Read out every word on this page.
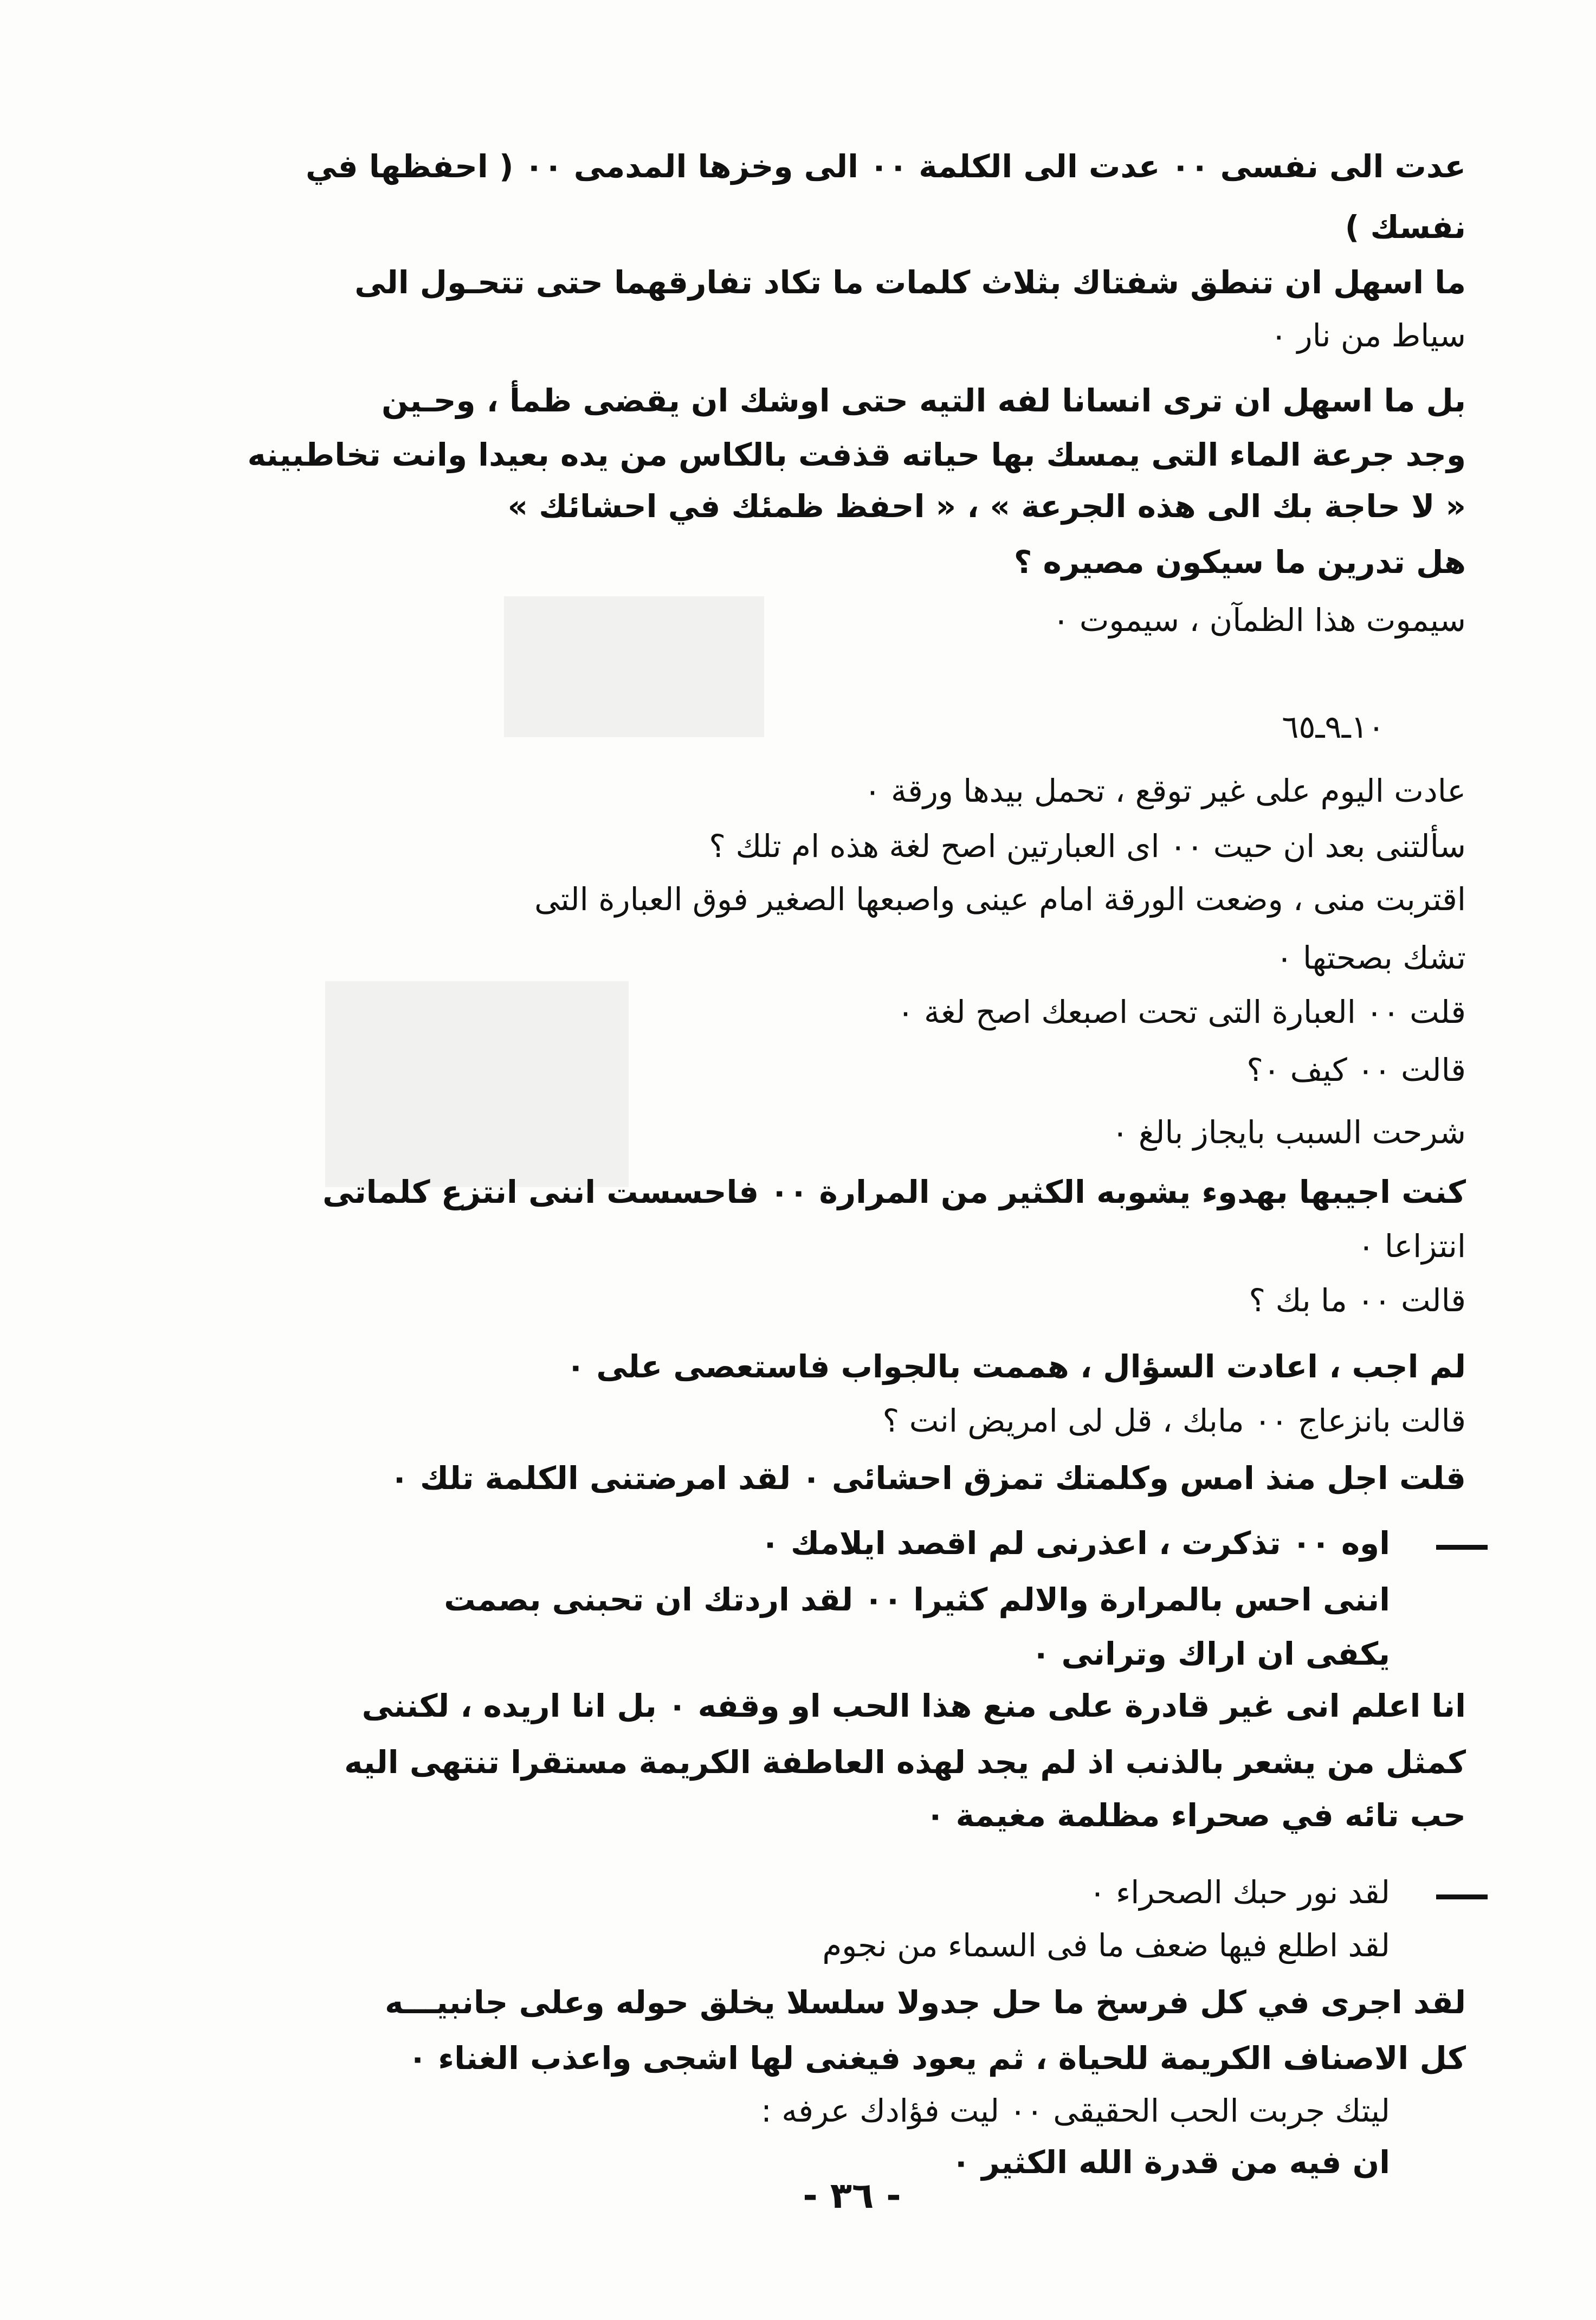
عدت الى نفسى ٠٠ عدت الى الكلمة ٠٠ الى وخزها المدمى ٠٠ ( احفظها في
نفسك )
ما اسهل ان تنطق شفتاك بثلاث كلمات ما تكاد تفارقهما حتى تتحـول الى
سياط من نار ٠
بل ما اسهل ان ترى انسانا لفه التيه حتى اوشك ان يقضى ظمأ ، وحـين
وجد جرعة الماء التى يمسك بها حياته قذفت بالكاس من يده بعيدا وانت تخاطبينه
« لا حاجة بك الى هذه الجرعة » ، « احفظ ظمئك في احشائك »
هل تدرين ما سيكون مصيره ؟
سيموت هذا الظمآن ، سيموت ٠
١٠ـ٩ـ٦٥
عادت اليوم على غير توقع ، تحمل بيدها ورقة ٠
سألتنى بعد ان حيت ٠٠ اى العبارتين اصح لغة هذه ام تلك ؟
اقتربت منى ، وضعت الورقة امام عينى واصبعها الصغير فوق العبارة التى
تشك بصحتها ٠
قلت ٠٠ العبارة التى تحت اصبعك اصح لغة ٠
قالت ٠٠ كيف ٠؟
شرحت السبب بايجاز بالغ ٠
كنت اجيبها بهدوء يشوبه الكثير من المرارة ٠٠ فاحسست اننى انتزع كلماتى
انتزاعا ٠
قالت ٠٠ ما بك ؟
لم اجب ، اعادت السؤال ، هممت بالجواب فاستعصى على ٠
قالت بانزعاج ٠٠ مابك ، قل لى امريض انت ؟
قلت اجل منذ امس وكلمتك تمزق احشائى ٠ لقد امرضتنى الكلمة تلك ٠
اوه ٠٠ تذكرت ، اعذرنى لم اقصد ايلامك ٠
اننى احس بالمرارة والالم كثيرا ٠٠ لقد اردتك ان تحبنى بصمت
يكفى ان اراك وترانى ٠
انا اعلم انى غير قادرة على منع هذا الحب او وقفه ٠ بل انا اريده ، لكننى
كمثل من يشعر بالذنب اذ لم يجد لهذه العاطفة الكريمة مستقرا تنتهى اليه
حب تائه في صحراء مظلمة مغيمة ٠
لقد نور حبك الصحراء ٠
لقد اطلع فيها ضعف ما فى السماء من نجوم
لقد اجرى في كل فرسخ ما حل جدولا سلسلا يخلق حوله وعلى جانبيـــه
كل الاصناف الكريمة للحياة ، ثم يعود فيغنى لها اشجى واعذب الغناء ٠
ليتك جربت الحب الحقيقى ٠٠ ليت فؤادك عرفه :
ان فيه من قدرة الله الكثير ٠
- ٣٦ -
